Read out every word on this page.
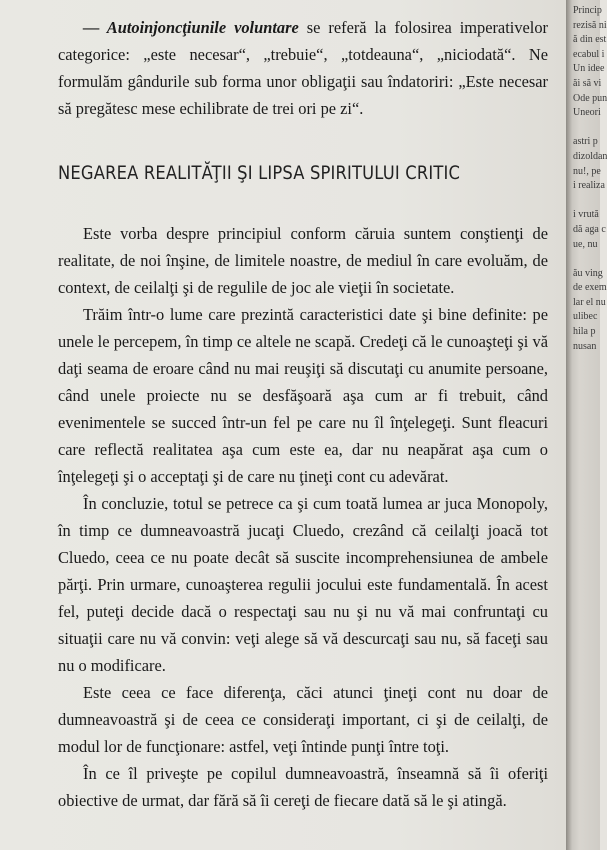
— Autoinjoncţiunile voluntare se referă la folosirea imperativelor categorice: „este necesar“, „trebuie“, „totdeauna“, „niciodată“. Ne formulăm gândurile sub forma unor obligaţii sau îndatoriri: „Este necesar să pregătesc mese echilibrate de trei ori pe zi“.

NEGAREA REALITĂŢII ŞI LIPSA SPIRITULUI CRITIC

Este vorba despre principiul conform căruia suntem conştienţi de realitate, de noi înşine, de limitele noastre, de mediul în care evoluăm, de context, de ceilalţi şi de regulile de joc ale vieţii în societate.

Trăim într-o lume care prezintă caracteristici date şi bine definite: pe unele le percepem, în timp ce altele ne scapă. Credeţi că le cunoaşteţi şi vă daţi seama de eroare când nu mai reuşiţi să discutaţi cu anumite persoane, când unele proiecte nu se desfăşoară aşa cum ar fi trebuit, când evenimentele se succed într-un fel pe care nu îl înţelegeţi. Sunt fleacuri care reflectă realitatea aşa cum este ea, dar nu neapărat aşa cum o înţelegeţi şi o acceptaţi şi de care nu ţineţi cont cu adevărat.

În concluzie, totul se petrece ca şi cum toată lumea ar juca Monopoly, în timp ce dumneavoastră jucaţi Cluedo, crezând că ceilalţi joacă tot Cluedo, ceea ce nu poate decât să suscite incomprehensiunea de ambele părţi. Prin urmare, cunoaşterea regulii jocului este fundamentală. În acest fel, puteţi decide dacă o respectaţi sau nu şi nu vă mai confruntaţi cu situaţii care nu vă convin: veţi alege să vă descurcaţi sau nu, să faceţi sau nu o modificare.

Este ceea ce face diferenţa, căci atunci ţineţi cont nu doar de dumneavoastră şi de ceea ce consideraţi important, ci şi de ceilalţi, de modul lor de funcţionare: astfel, veţi întinde punţi între toţi.

În ce îl priveşte pe copilul dumneavoastră, înseamnă să îi oferiţi obiective de urmat, dar fără să îi cereţi de fiecare dată să le şi atingă.

Princip
rezisă ni
ă din est
ecabul i
Un idee
ăi să vi
Ode pun
Uneori
astri p
dizoldan
nu!, pe
i realiza
i vrută
dă aga c
ue, nu
ău ving
de exem
lar el nu
ulibec
hila p
nusan
